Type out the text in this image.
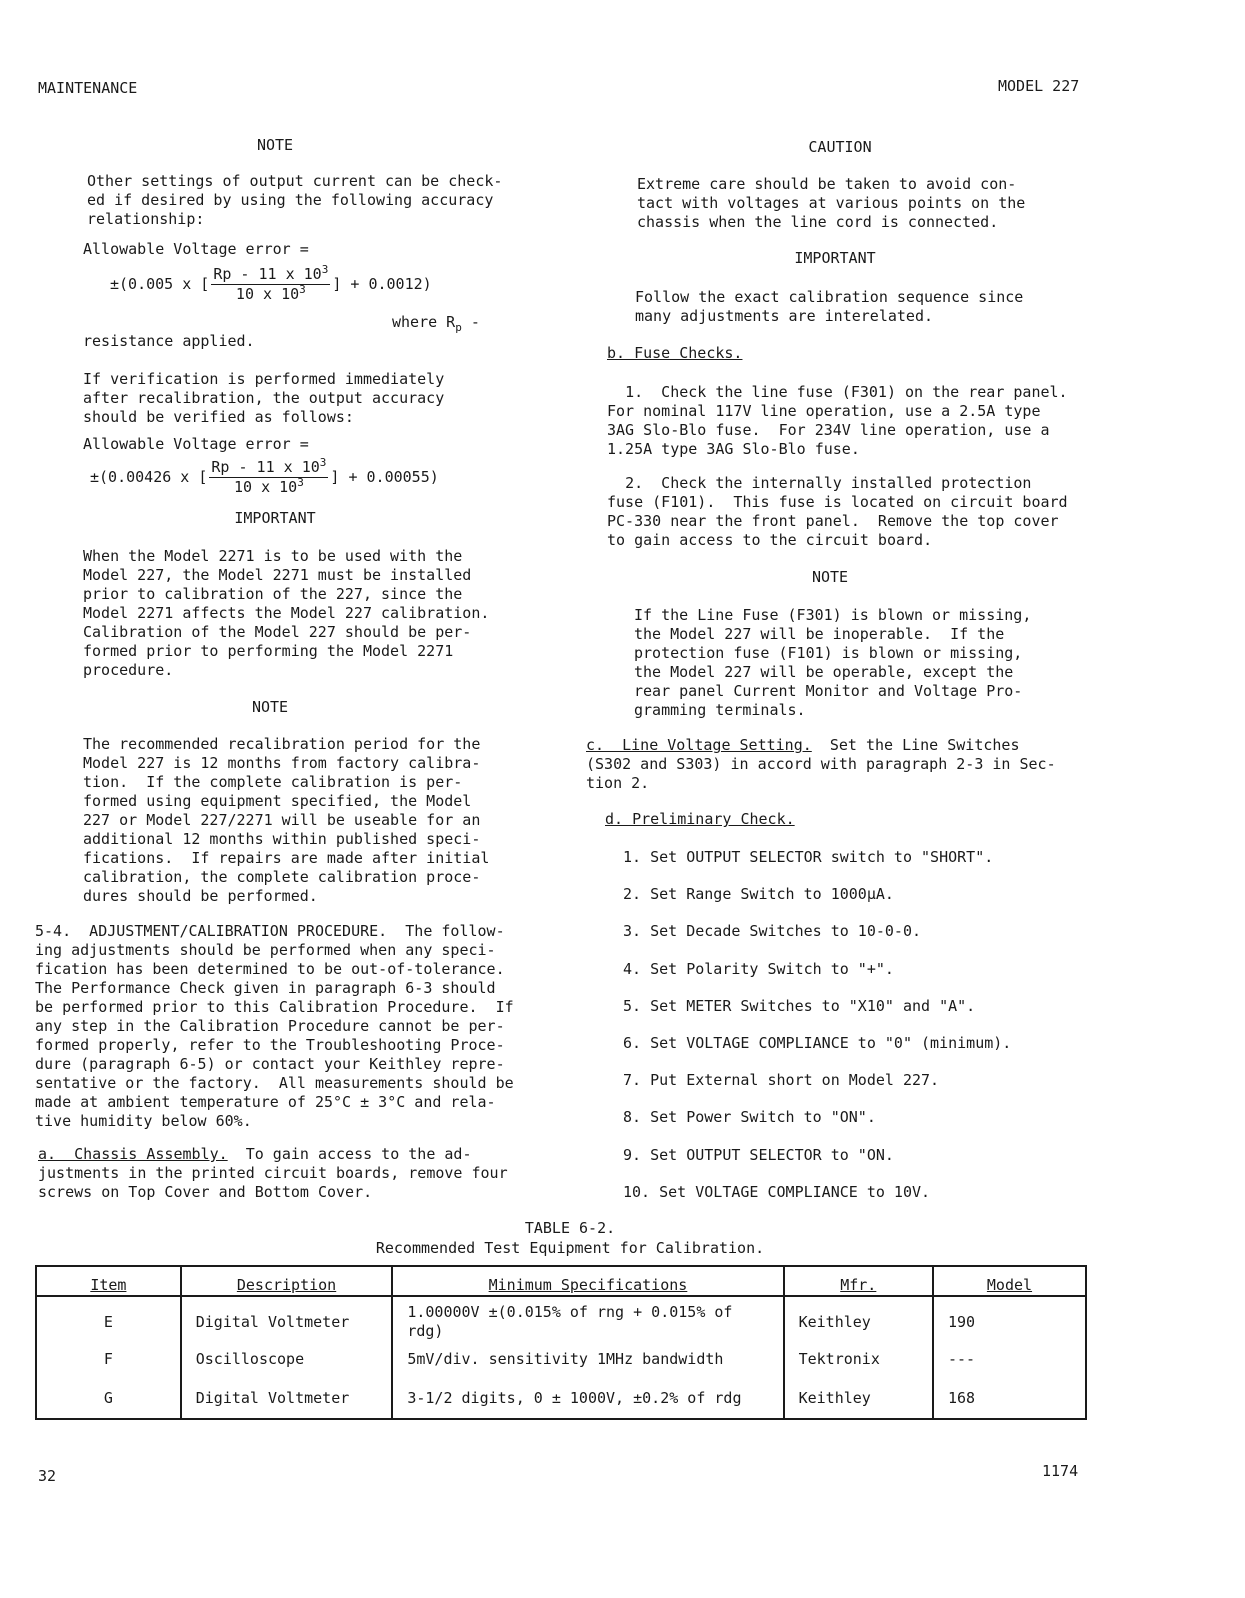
MAINTENANCE	MODEL 227
NOTE
Other settings of output current can be check-
ed if desired by using the following accuracy
relationship:
Allowable Voltage error =
±(0.005 x [ $\frac{Rp - 11 x 10^3}{10 x 10^3}$ ] + 0.0012)
where $R_p$ -
resistance applied.
If verification is performed immediately
after recalibration, the output accuracy
should be verified as follows:
Allowable Voltage error =
±(0.00426 x [ $\frac{Rp - 11 x 10^3}{10 x 10^3}$ ] + 0.00055)
IMPORTANT
When the Model 2271 is to be used with the
Model 227, the Model 2271 must be installed
prior to calibration of the 227, since the
Model 2271 affects the Model 227 calibration.
Calibration of the Model 227 should be per-
formed prior to performing the Model 2271
procedure.
NOTE
The recommended recalibration period for the
Model 227 is 12 months from factory calibra-
tion.  If the complete calibration is per-
formed using equipment specified, the Model
227 or Model 227/2271 will be useable for an
additional 12 months within published speci-
fications.  If repairs are made after initial
calibration, the complete calibration proce-
dures should be performed.
5-4.  ADJUSTMENT/CALIBRATION PROCEDURE.  The follow-
ing adjustments should be performed when any speci-
fication has been determined to be out-of-tolerance.
The Performance Check given in paragraph 6-3 should
be performed prior to this Calibration Procedure.  If
any step in the Calibration Procedure cannot be per-
formed properly, refer to the Troubleshooting Proce-
dure (paragraph 6-5) or contact your Keithley repre-
sentative or the factory.  All measurements should be
made at ambient temperature of 25°C ± 3°C and rela-
tive humidity below 60%.
a.  Chassis Assembly.  To gain access to the ad-
justments in the printed circuit boards, remove four
screws on Top Cover and Bottom Cover.
CAUTION
Extreme care should be taken to avoid con-
tact with voltages at various points on the
chassis when the line cord is connected.
IMPORTANT
Follow the exact calibration sequence since
many adjustments are interelated.
b. Fuse Checks.
1.  Check the line fuse (F301) on the rear panel.
For nominal 117V line operation, use a 2.5A type
3AG Slo-Blo fuse.  For 234V line operation, use a
1.25A type 3AG Slo-Blo fuse.
2.  Check the internally installed protection
fuse (F101).  This fuse is located on circuit board
PC-330 near the front panel.  Remove the top cover
to gain access to the circuit board.
NOTE
If the Line Fuse (F301) is blown or missing,
the Model 227 will be inoperable.  If the
protection fuse (F101) is blown or missing,
the Model 227 will be operable, except the
rear panel Current Monitor and Voltage Pro-
gramming terminals.
c.  Line Voltage Setting.  Set the Line Switches
(S302 and S303) in accord with paragraph 2-3 in Sec-
tion 2.
d. Preliminary Check.
1. Set OUTPUT SELECTOR switch to "SHORT".
2. Set Range Switch to 1000μA.
3. Set Decade Switches to 10-0-0.
4. Set Polarity Switch to "+".
5. Set METER Switches to "X10" and "A".
6. Set VOLTAGE COMPLIANCE to "0" (minimum).
7. Put External short on Model 227.
8. Set Power Switch to "ON".
9. Set OUTPUT SELECTOR to "ON.
10. Set VOLTAGE COMPLIANCE to 10V.
TABLE 6-2.
Recommended Test Equipment for Calibration.
Item	Description	Minimum Specifications	Mfr.	Model
E	Digital Voltmeter	1.00000V ±(0.015% of rng + 0.015% of rdg)	Keithley	190
F	Oscilloscope	5mV/div. sensitivity 1MHz bandwidth	Tektronix	---
G	Digital Voltmeter	3-1/2 digits, 0 ± 1000V, ±0.2% of rdg	Keithley	168
32	1174
